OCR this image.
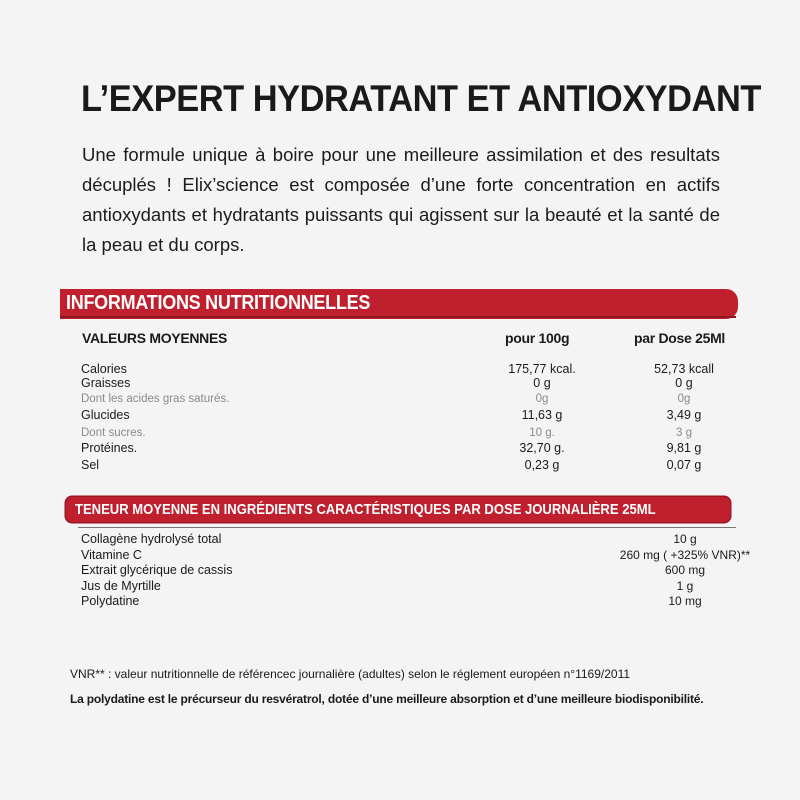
L’EXPERT HYDRATANT ET ANTIOXYDANT

Une formule unique à boire pour une meilleure assimilation et des resultats décuplés ! Elix’science est composée d’une forte concentration en actifs antioxydants et hydratants puissants qui agissent sur la beauté et la santé de la peau et du corps.

INFORMATIONS NUTRITIONNELLES
VALEURS MOYENNES	pour 100g	par Dose 25Ml
Calories	175,77 kcal.	52,73 kcall
Graisses	0 g	0 g
Dont les acides gras saturés.	0g	0g
Glucides	11,63 g	3,49 g
Dont sucres.	10 g.	3 g
Protéines.	32,70 g.	9,81 g
Sel	0,23 g	0,07 g
TENEUR MOYENNE EN INGRÉDIENTS CARACTÉRISTIQUES PAR DOSE JOURNALIÈRE 25ML
Collagène hydrolysé total	10 g
Vitamine C	260 mg ( +325% VNR)**
Extrait glycérique de cassis	600 mg
Jus de Myrtille	1 g
Polydatine	10 mg

VNR** : valeur nutritionnelle de référencec journalière (adultes) selon le réglement européen n°1169/2011

La polydatine est le précurseur du resvératrol, dotée d’une meilleure absorption et d’une meilleure biodisponibilité.
